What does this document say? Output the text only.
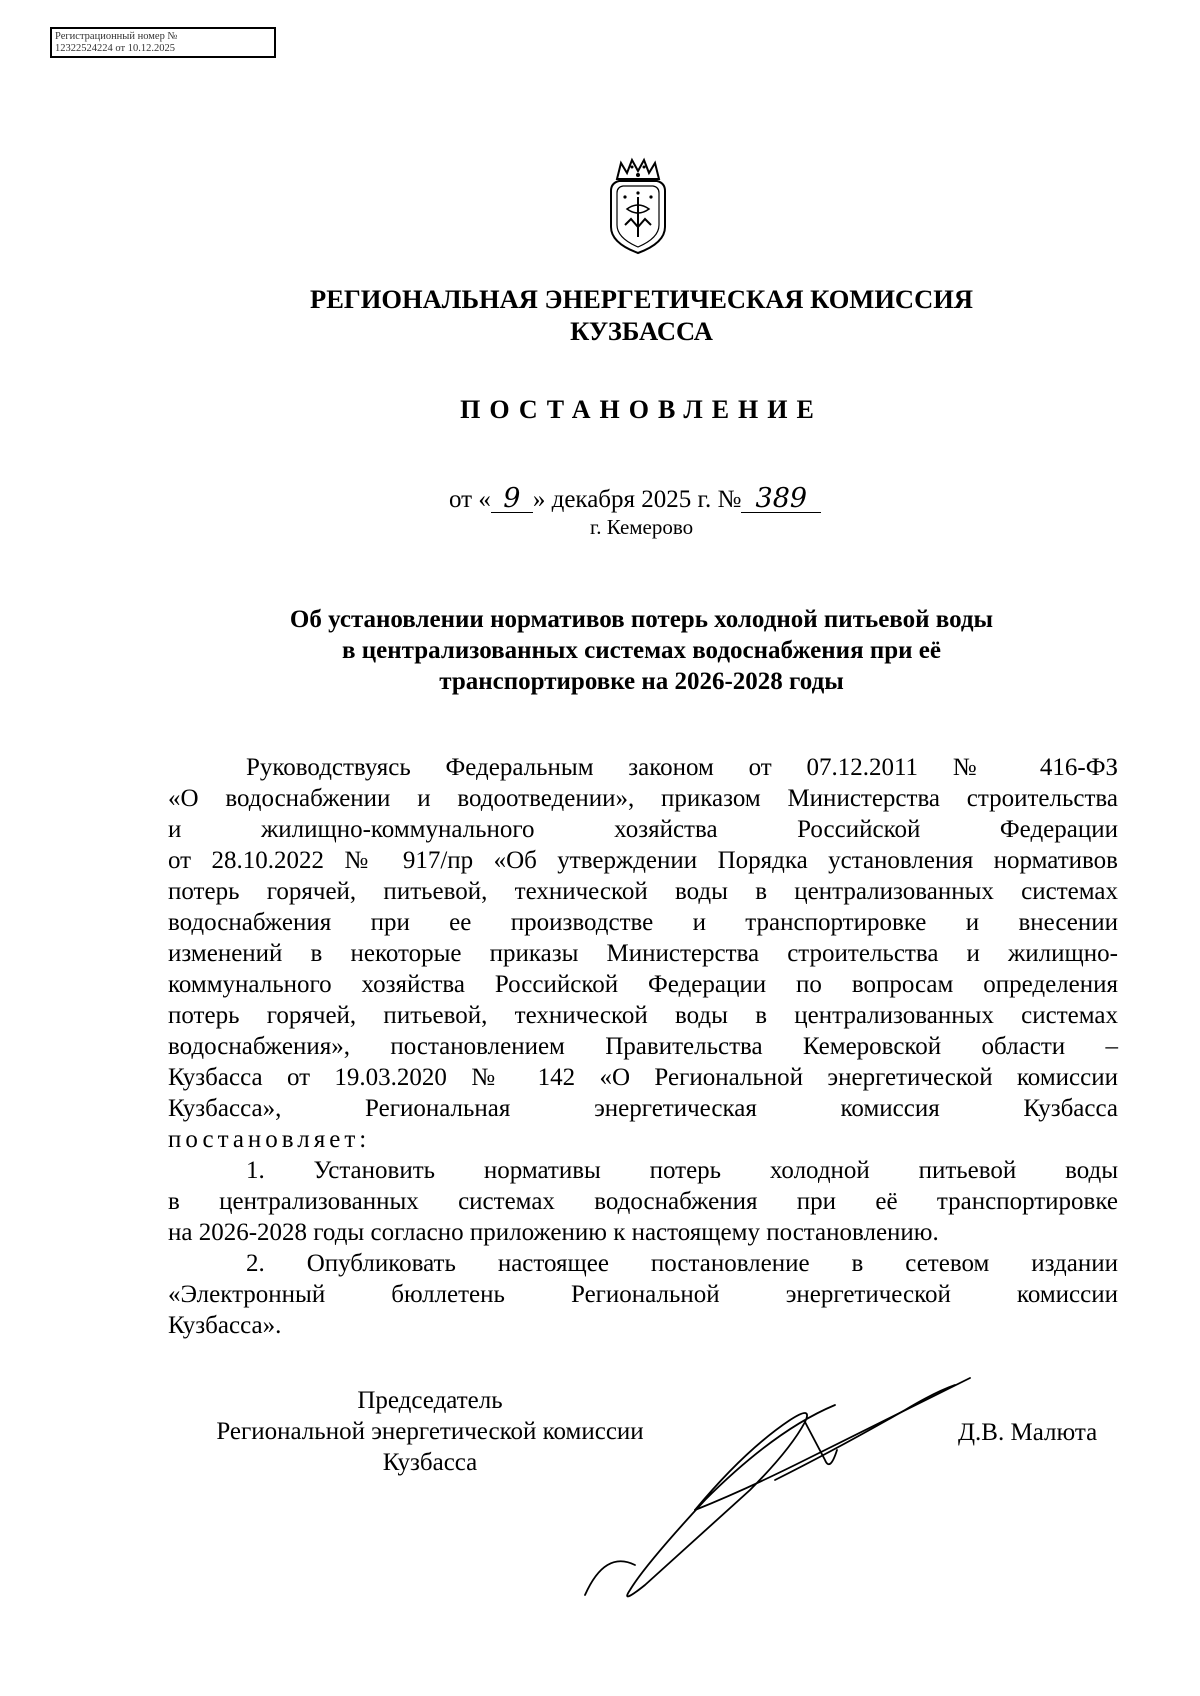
Регистрационный номер №
12322524224 от 10.12.2025
РЕГИОНАЛЬНАЯ ЭНЕРГЕТИЧЕСКАЯ КОМИССИЯ
КУЗБАССА
ПОСТАНОВЛЕНИЕ
от « 9 » декабря 2025 г. № 389
г. Кемерово
Об установлении нормативов потерь холодной питьевой воды
в централизованных системах водоснабжения при её
транспортировке на 2026-2028 годы
Руководствуясь Федеральным законом от 07.12.2011 № 416-ФЗ
«О водоснабжении и водоотведении», приказом Министерства строительства
и жилищно-коммунального хозяйства Российской Федерации
от 28.10.2022 № 917/пр «Об утверждении Порядка установления нормативов
потерь горячей, питьевой, технической воды в централизованных системах
водоснабжения при ее производстве и транспортировке и внесении
изменений в некоторые приказы Министерства строительства и жилищно-
коммунального хозяйства Российской Федерации по вопросам определения
потерь горячей, питьевой, технической воды в централизованных системах
водоснабжения», постановлением Правительства Кемеровской области –
Кузбасса от 19.03.2020 № 142 «О Региональной энергетической комиссии
Кузбасса», Региональная энергетическая комиссия Кузбасса
постановляет:
1. Установить нормативы потерь холодной питьевой воды
в централизованных системах водоснабжения при её транспортировке
на 2026-2028 годы согласно приложению к настоящему постановлению.
2. Опубликовать настоящее постановление в сетевом издании
«Электронный бюллетень Региональной энергетической комиссии
Кузбасса».
Председатель
Региональной энергетической комиссии
Кузбасса
Д.В. Малюта
